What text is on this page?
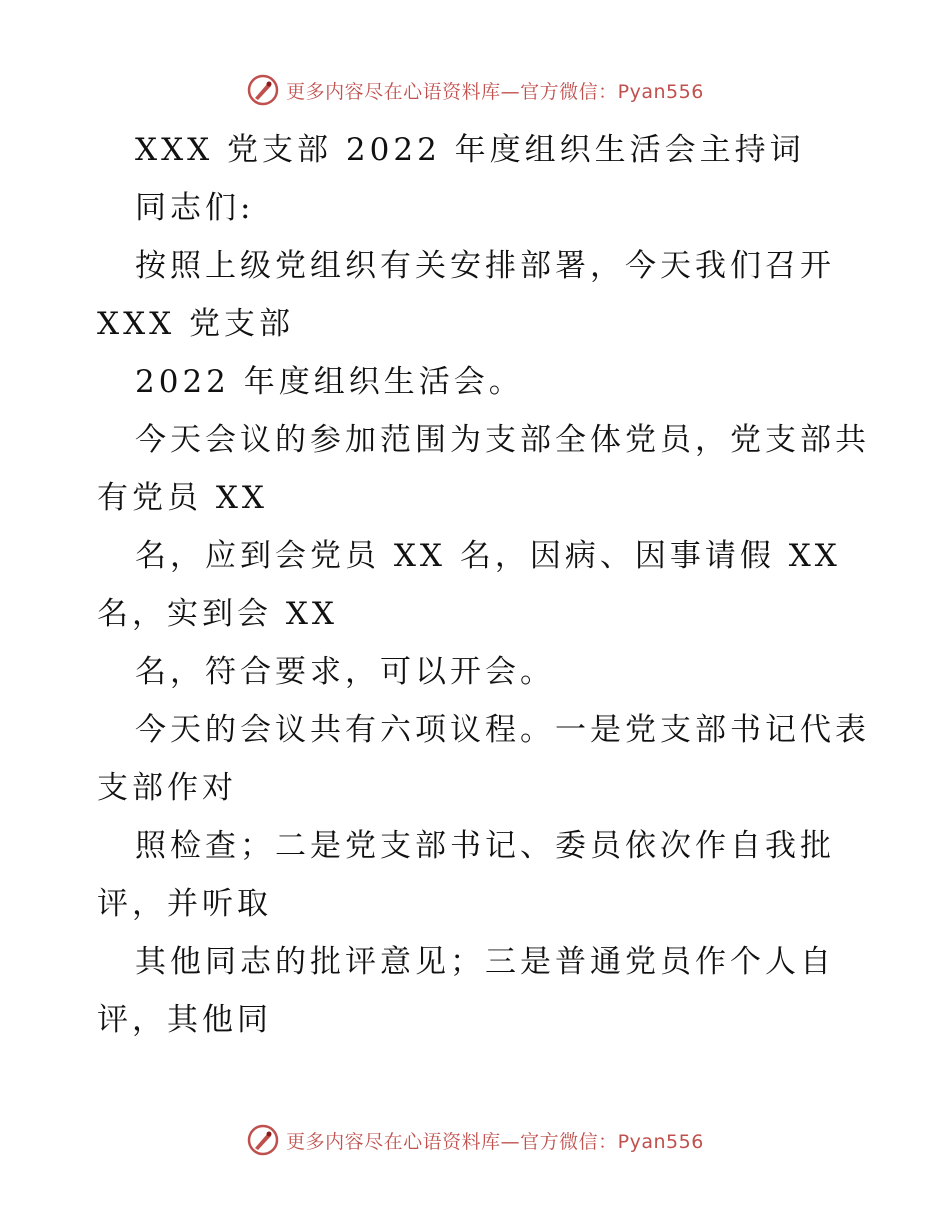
更多内容尽在心语资料库—官方微信：Pyan556
XXX 党支部 2022 年度组织生活会主持词
同志们:
按照上级党组织有关安排部署，今天我们召开
XXX 党支部
2022 年度组织生活会。
今天会议的参加范围为支部全体党员，党支部共
有党员 XX
名，应到会党员 XX 名，因病、因事请假 XX
名，实到会 XX
名，符合要求，可以开会。
今天的会议共有六项议程。一是党支部书记代表
支部作对
照检查；二是党支部书记、委员依次作自我批
评，并听取
其他同志的批评意见；三是普通党员作个人自
评，其他同
更多内容尽在心语资料库—官方微信：Pyan556
